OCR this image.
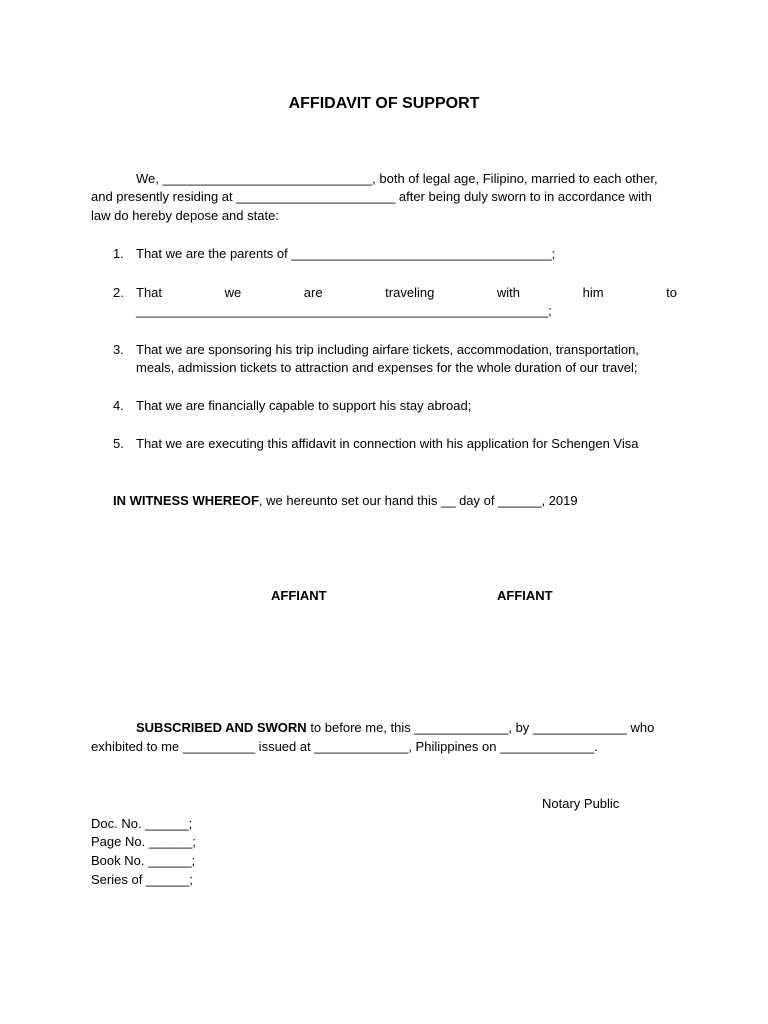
AFFIDAVIT OF SUPPORT
We, _____________________________, both of legal age, Filipino, married to each other,
and presently residing at ______________________ after being duly sworn to in accordance with
law do hereby depose and state:
1. That we are the parents of ____________________________________;
2. That	we	are	traveling	with	him	to
_________________________________________________________;
3. That we are sponsoring his trip including airfare tickets, accommodation, transportation,
meals, admission tickets to attraction and expenses for the whole duration of our travel;
4. That we are financially capable to support his stay abroad;
5. That we are executing this affidavit in connection with his application for Schengen Visa
IN WITNESS WHEREOF, we hereunto set our hand this __ day of ______, 2019
AFFIANT	AFFIANT
SUBSCRIBED AND SWORN to before me, this _____________, by _____________ who
exhibited to me __________ issued at _____________, Philippines on _____________.
Notary Public
Doc. No. ______;
Page No. ______;
Book No. ______;
Series of ______;
